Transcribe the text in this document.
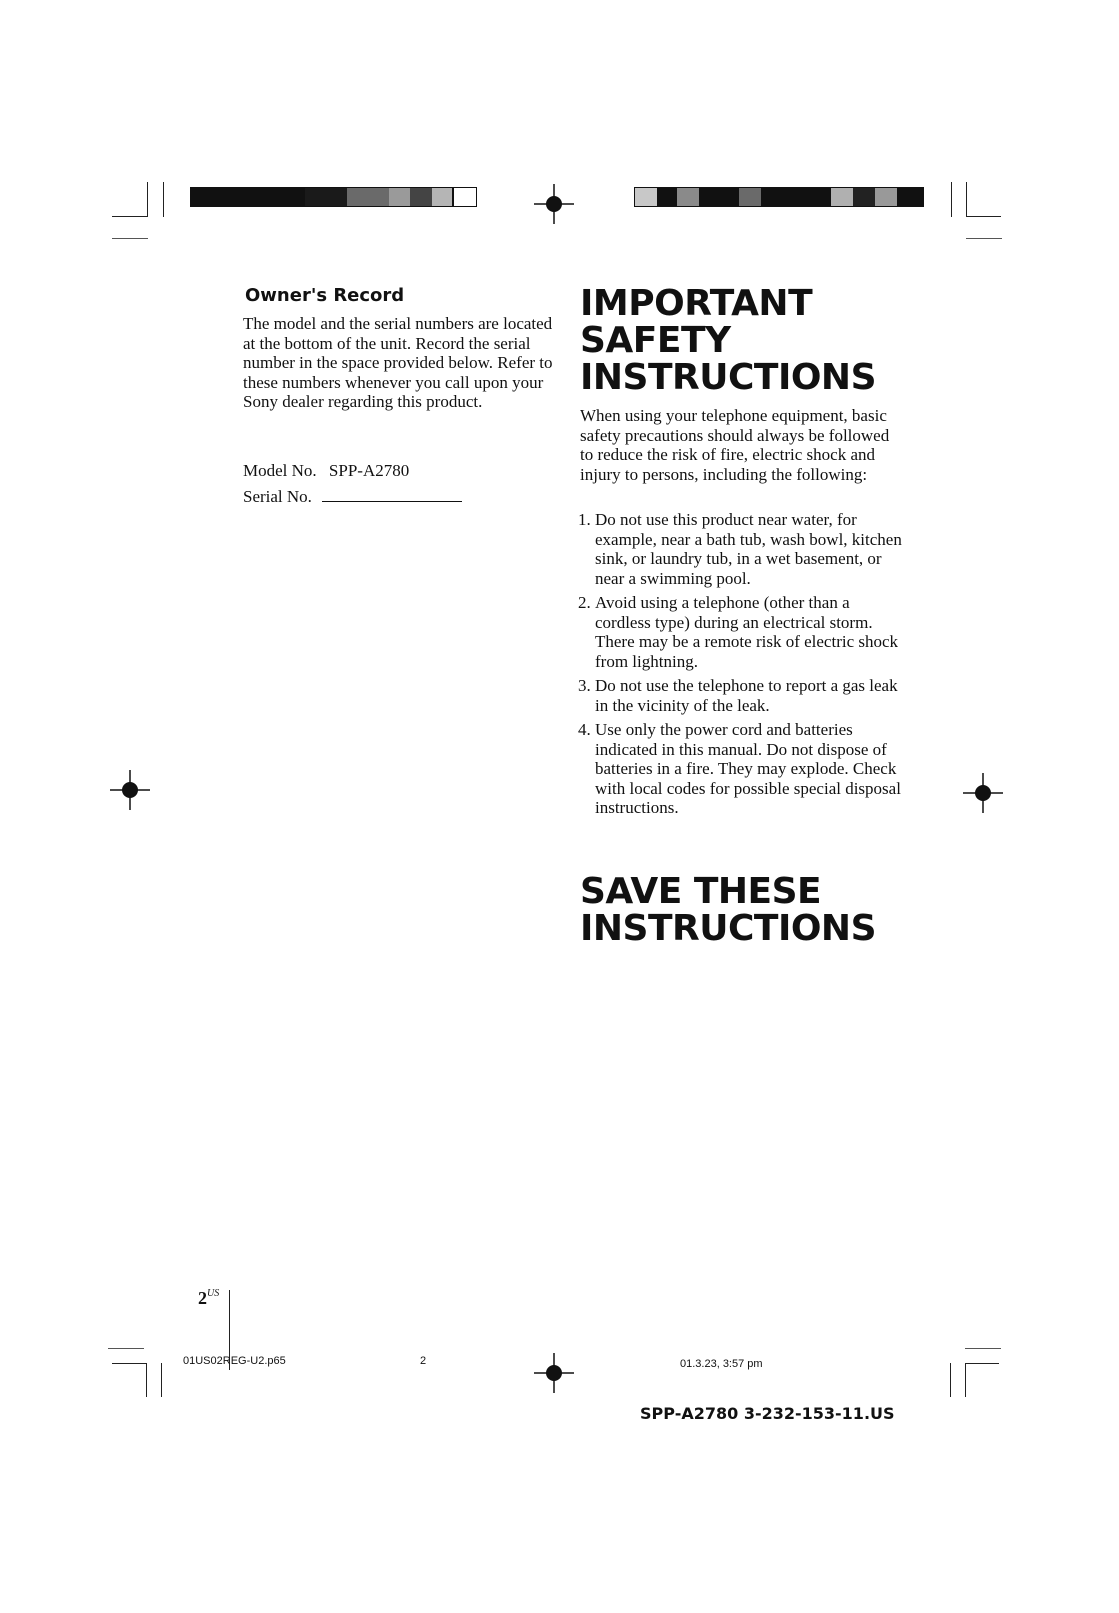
Owner's Record
The model and the serial numbers are located at the bottom of the unit. Record the serial number in the space provided below. Refer to these numbers whenever you call upon your Sony dealer regarding this product.
Model No. SPP-A2780
Serial No.
IMPORTANT
SAFETY
INSTRUCTIONS
When using your telephone equipment, basic safety precautions should always be followed to reduce the risk of fire, electric shock and injury to persons, including the following:
1. Do not use this product near water, for example, near a bath tub, wash bowl, kitchen sink, or laundry tub, in a wet basement, or near a swimming pool.
2. Avoid using a telephone (other than a cordless type) during an electrical storm. There may be a remote risk of electric shock from lightning.
3. Do not use the telephone to report a gas leak in the vicinity of the leak.
4. Use only the power cord and batteries indicated in this manual. Do not dispose of batteries in a fire. They may explode. Check with local codes for possible special disposal instructions.
SAVE THESE
INSTRUCTIONS
$2^{US}$
01US02REG-U2.p65	2	01.3.23, 3:57 pm
SPP-A2780 3-232-153-11.US
